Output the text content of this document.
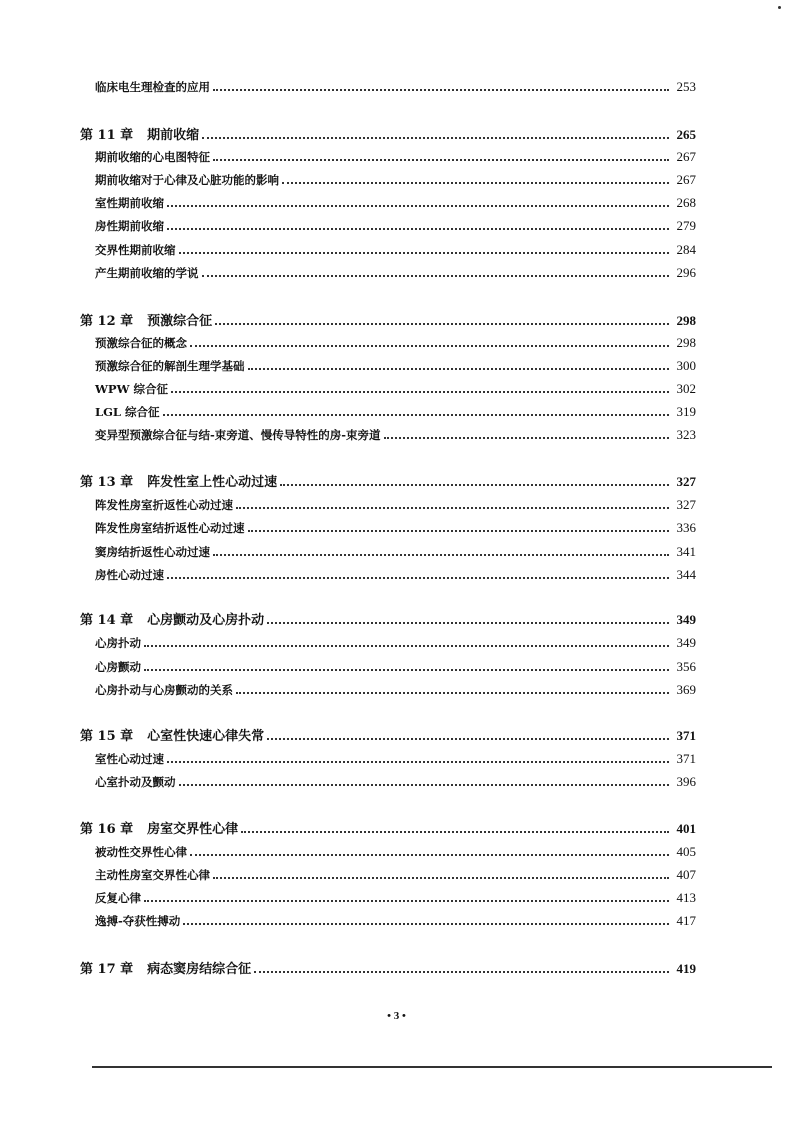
临床电生理检查的应用	253
第 11 章 期前收缩	265
期前收缩的心电图特征	267
期前收缩对于心律及心脏功能的影响	267
室性期前收缩	268
房性期前收缩	279
交界性期前收缩	284
产生期前收缩的学说	296
第 12 章 预激综合征	298
预激综合征的概念	298
预激综合征的解剖生理学基础	300
WPW 综合征	302
LGL 综合征	319
变异型预激综合征与结-束旁道、慢传导特性的房-束旁道	323
第 13 章 阵发性室上性心动过速	327
阵发性房室折返性心动过速	327
阵发性房室结折返性心动过速	336
窦房结折返性心动过速	341
房性心动过速	344
第 14 章 心房颤动及心房扑动	349
心房扑动	349
心房颤动	356
心房扑动与心房颤动的关系	369
第 15 章 心室性快速心律失常	371
室性心动过速	371
心室扑动及颤动	396
第 16 章 房室交界性心律	401
被动性交界性心律	405
主动性房室交界性心律	407
反复心律	413
逸搏-夺获性搏动	417
第 17 章 病态窦房结综合征	419
• 3 •
